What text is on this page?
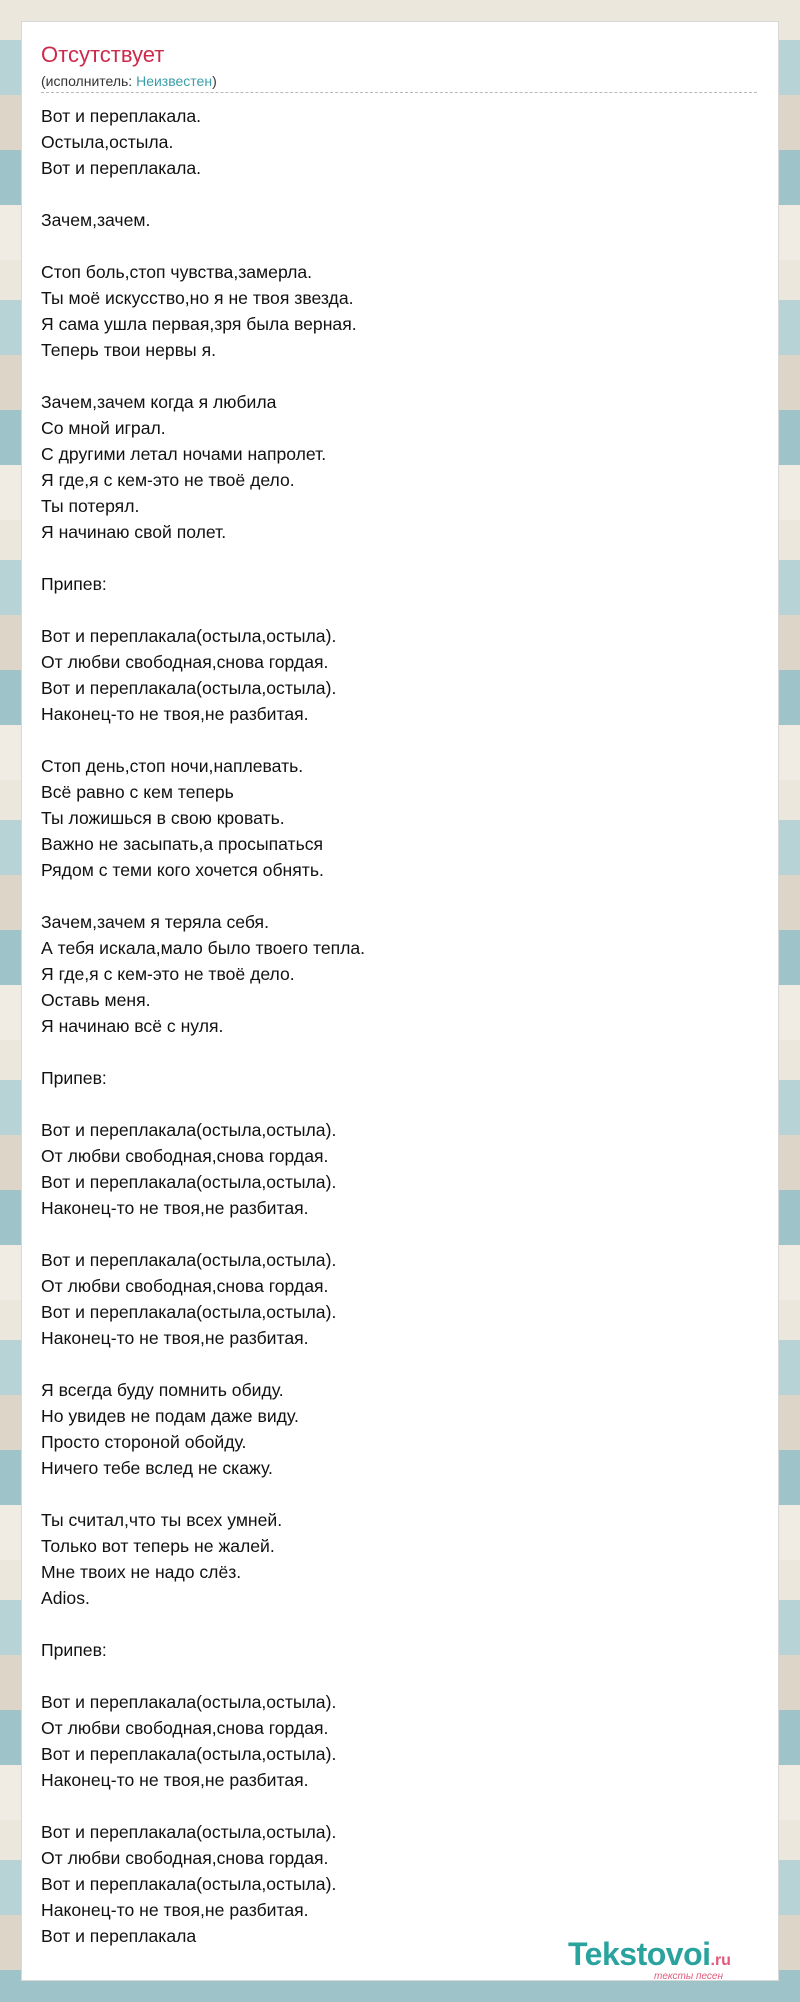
Отсутствует
(исполнитель: Неизвестен)
Вот и переплакала.
Остыла,остыла.
Вот и переплакала.
Зачем,зачем.
Стоп боль,стоп чувства,замерла.
Ты моё искусство,но я не твоя звезда.
Я сама ушла первая,зря была верная.
Теперь твои нервы я.
Зачем,зачем когда я любила
Со мной играл.
С другими летал ночами напролет.
Я где,я с кем-это не твоё дело.
Ты потерял.
Я начинаю свой полет.
Припев:
Вот и переплакала(остыла,остыла).
От любви свободная,снова гордая.
Вот и переплакала(остыла,остыла).
Наконец-то не твоя,не разбитая.
Стоп день,стоп ночи,наплевать.
Всё равно с кем теперь
Ты ложишься в свою кровать.
Важно не засыпать,а просыпаться
Рядом с теми кого хочется обнять.
Зачем,зачем я теряла себя.
А тебя искала,мало было твоего тепла.
Я где,я с кем-это не твоё дело.
Оставь меня.
Я начинаю всё с нуля.
Припев:
Вот и переплакала(остыла,остыла).
От любви свободная,снова гордая.
Вот и переплакала(остыла,остыла).
Наконец-то не твоя,не разбитая.
Вот и переплакала(остыла,остыла).
От любви свободная,снова гордая.
Вот и переплакала(остыла,остыла).
Наконец-то не твоя,не разбитая.
Я всегда буду помнить обиду.
Но увидев не подам даже виду.
Просто стороной обойду.
Ничего тебе вслед не скажу.
Ты считал,что ты всех умней.
Только вот теперь не жалей.
Мне твоих не надо слёз.
Adios.
Припев:
Вот и переплакала(остыла,остыла).
От любви свободная,снова гордая.
Вот и переплакала(остыла,остыла).
Наконец-то не твоя,не разбитая.
Вот и переплакала(остыла,остыла).
От любви свободная,снова гордая.
Вот и переплакала(остыла,остыла).
Наконец-то не твоя,не разбитая.
Вот и переплакала	Tekstovoi.ru
тексты песен
